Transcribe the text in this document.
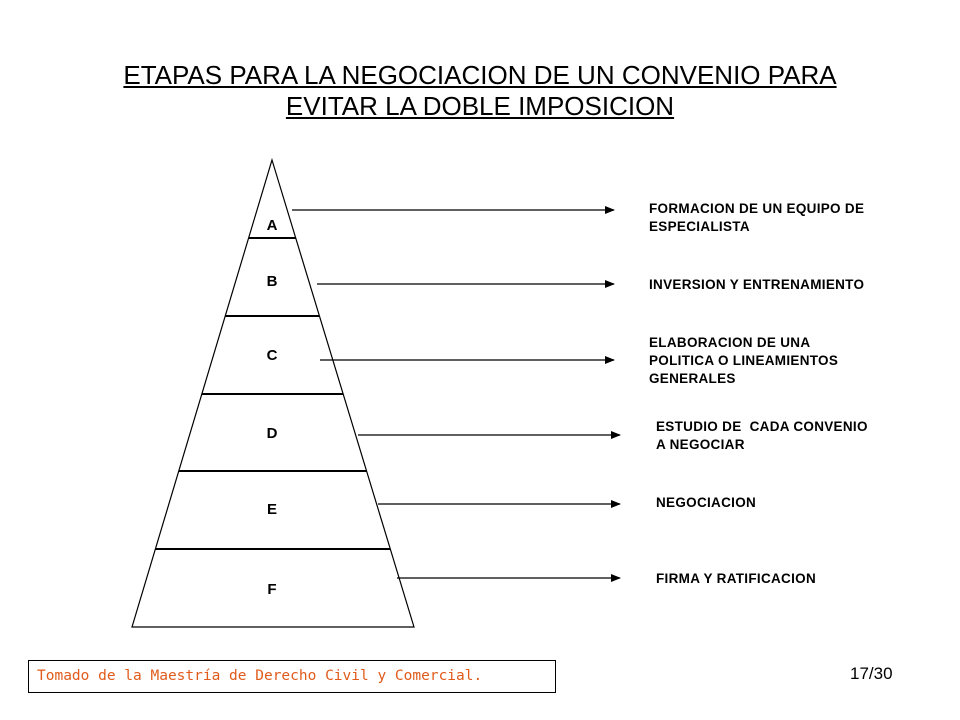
ETAPAS PARA LA NEGOCIACION DE UN CONVENIO PARA
EVITAR LA DOBLE IMPOSICION
A
B
C
D
E
F
FORMACION DE UN EQUIPO DE
ESPECIALISTA
INVERSION Y ENTRENAMIENTO
ELABORACION DE UNA
POLITICA O LINEAMIENTOS
GENERALES
ESTUDIO DE  CADA CONVENIO
A NEGOCIAR
NEGOCIACION
FIRMA Y RATIFICACION
Tomado de la Maestría de Derecho Civil y Comercial.	17/30
